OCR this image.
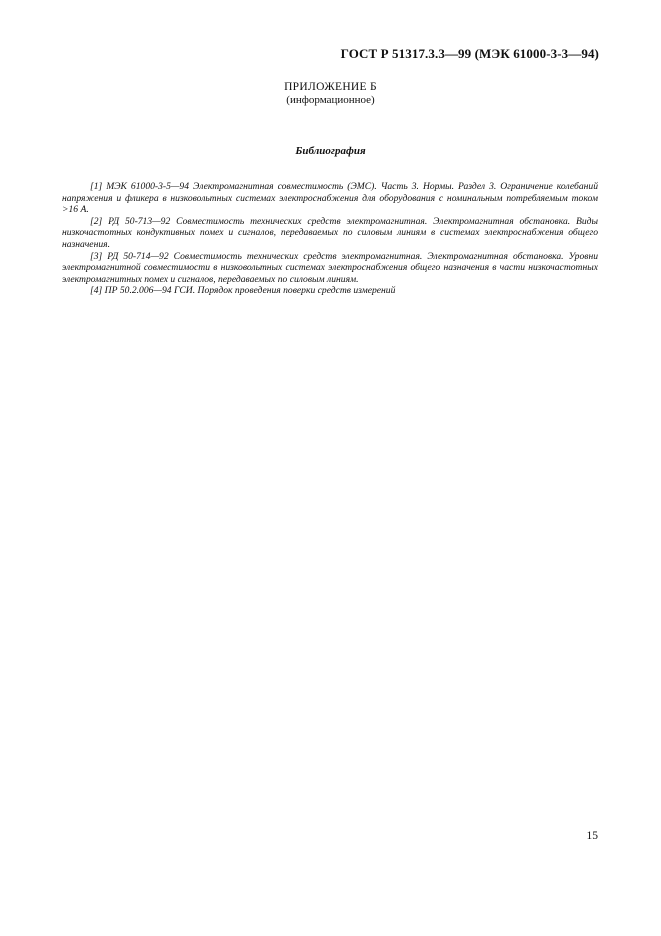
ГОСТ Р 51317.3.3—99 (МЭК 61000-3-3—94)
ПРИЛОЖЕНИЕ Б
(информационное)
Библиография

[1] МЭК 61000-3-5—94 Электромагнитная совместимость (ЭМС). Часть 3. Нормы. Раздел 3. Ограничение колебаний напряжения и фликера в низковольтных системах электроснабжения для оборудования с номинальным потребляемым током >16 А.

[2] РД 50-713—92 Совместимость технических средств электромагнитная. Электромагнитная обстановка. Виды низкочастотных кондуктивных помех и сигналов, передаваемых по силовым линиям в системах электроснабжения общего назначения.

[3] РД 50-714—92 Совместимость технических средств электромагнитная. Электромагнитная обстановка. Уровни электромагнитной совместимости в низковольтных системах электроснабжения общего назначения в части низкочастотных электромагнитных помех и сигналов, передаваемых по силовым линиям.

[4] ПР 50.2.006—94 ГСИ. Порядок проведения поверки средств измерений

15
